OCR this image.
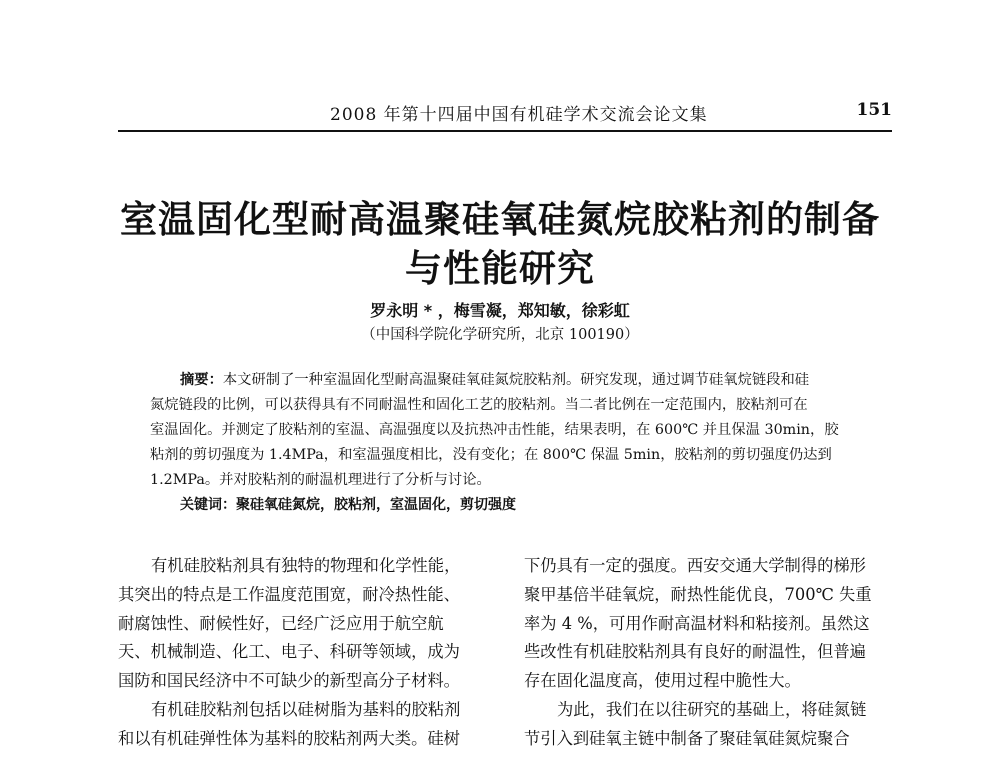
2008 年第十四届中国有机硅学术交流会论文集	151
室温固化型耐高温聚硅氧硅氮烷胶粘剂的制备
与性能研究
罗永明 * ，梅雪凝，郑知敏，徐彩虹
（中国科学院化学研究所，北京 100190）
摘要：本文研制了一种室温固化型耐高温聚硅氧硅氮烷胶粘剂。研究发现，通过调节硅氧烷链段和硅
氮烷链段的比例，可以获得具有不同耐温性和固化工艺的胶粘剂。当二者比例在一定范围内，胶粘剂可在
室温固化。并测定了胶粘剂的室温、高温强度以及抗热冲击性能，结果表明，在 600℃ 并且保温 30min，胶
粘剂的剪切强度为 1.4MPa，和室温强度相比，没有变化；在 800℃ 保温 5min，胶粘剂的剪切强度仍达到
1.2MPa。并对胶粘剂的耐温机理进行了分析与讨论。
关键词：聚硅氧硅氮烷，胶粘剂，室温固化，剪切强度
有机硅胶粘剂具有独特的物理和化学性能，
其突出的特点是工作温度范围宽，耐冷热性能、
耐腐蚀性、耐候性好，已经广泛应用于航空航
天、机械制造、化工、电子、科研等领域，成为
国防和国民经济中不可缺少的新型高分子材料。
有机硅胶粘剂包括以硅树脂为基料的胶粘剂
和以有机硅弹性体为基料的胶粘剂两大类。硅树
下仍具有一定的强度。西安交通大学制得的梯形
聚甲基倍半硅氧烷，耐热性能优良，700℃ 失重
率为 4 %，可用作耐高温材料和粘接剂。虽然这
些改性有机硅胶粘剂具有良好的耐温性，但普遍
存在固化温度高，使用过程中脆性大。
为此，我们在以往研究的基础上，将硅氮链
节引入到硅氧主链中制备了聚硅氧硅氮烷聚合
